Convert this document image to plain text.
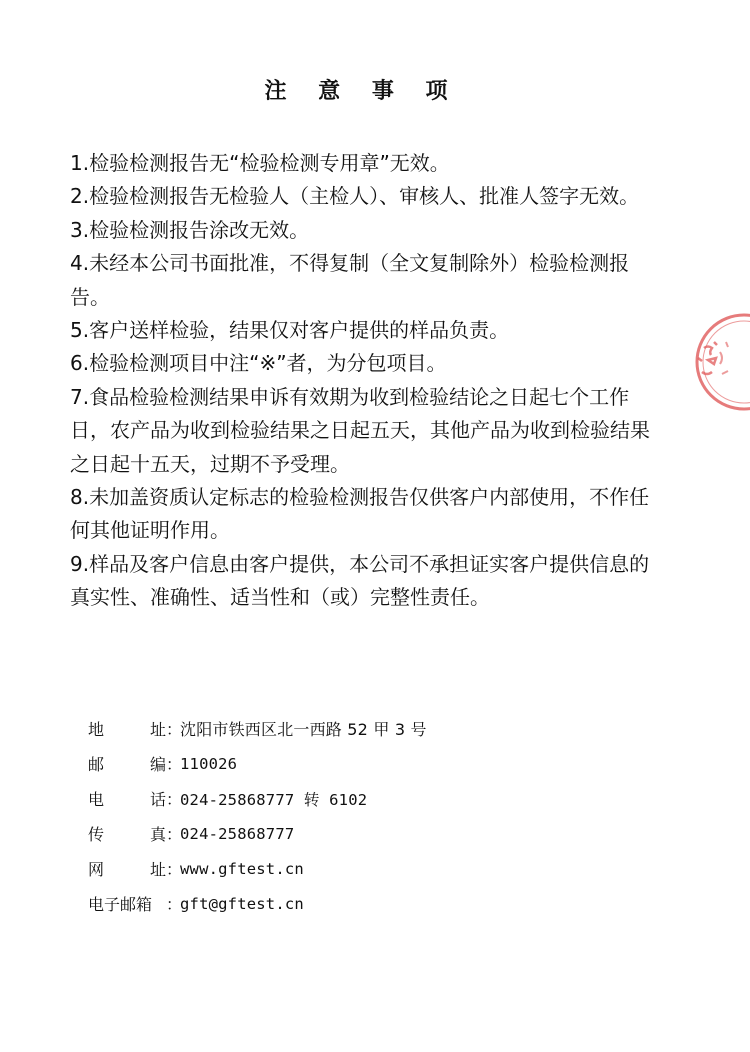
注 意 事 项
1.检验检测报告无“检验检测专用章”无效。
2.检验检测报告无检验人（主检人）、审核人、批准人签字无效。
3.检验检测报告涂改无效。
4.未经本公司书面批准，不得复制（全文复制除外）检验检测报告。
5.客户送样检验，结果仅对客户提供的样品负责。
6.检验检测项目中注“※”者，为分包项目。
7.食品检验检测结果申诉有效期为收到检验结论之日起七个工作日，农产品为收到检验结果之日起五天，其他产品为收到检验结果之日起十五天，过期不予受理。
8.未加盖资质认定标志的检验检测报告仅供客户内部使用，不作任何其他证明作用。
9.样品及客户信息由客户提供，本公司不承担证实客户提供信息的真实性、准确性、适当性和（或）完整性责任。
地	址 ：
沈阳市铁西区北一西路 52 甲 3 号
邮	编 ：
110026
电	话 ：
024-25868777 转 6102
传	真 ：
024-25868777
网	址 ：
www.gftest.cn
电子邮箱 ：
gft@gftest.cn
